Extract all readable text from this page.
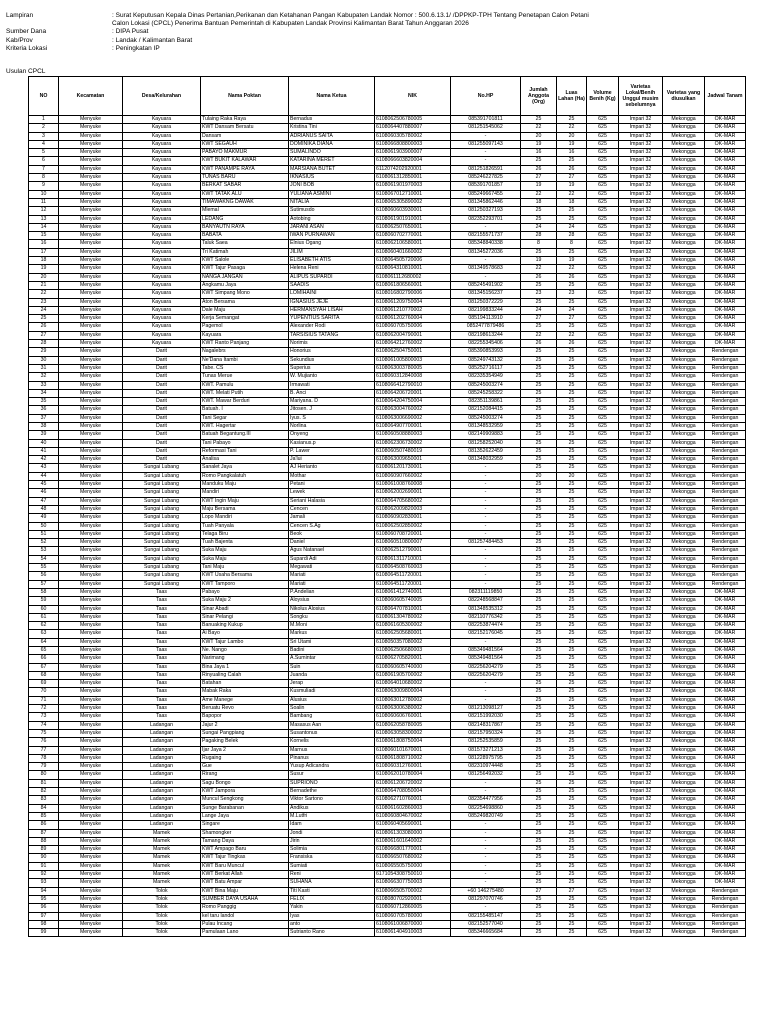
Lampiran	: Surat Keputusan Kepala Dinas Pertanian,Perikanan dan Ketahanan Pangan Kabupaten Landak Nomor : 500.6.13.1/ /DPPKP-TPH Tentang Penetapan Calon Petani
Calon Lokasi (CPCL) Penerima Bantuan Pemerintah di Kabupaten Landak Provinsi Kalimantan Barat Tahun Anggaran 2026
Sumber Dana	: DIPA Pusat
Kab/Prov	: Landak / Kalimantan Barat
Kriteria Lokasi	: Peningkatan IP
Usulan CPCL
NO	Kecamatan	Desa/Kelurahan	Nama Poktan	Nama Ketua	NIK	No.HP	Jumlah Anggota (Org)	Luas Lahan (Ha)	Volume Benih (Kg)	Varietas Lokal/Benih Unggul musim sebelumnya	Varietas yang diusulkan	Jadwal Tanam
1	Menyuke	Kayuara	Tulaing Raka Raya	Bernadus	6108062506780005	085391701811	25	25	625	Impari 32	Mekongga	OK-MAR
2	Menyuke	Kayuara	KWT Dansam Bersatu	Kristina Tini	6108064407880007	081251545062	22	22	625	Impari 32	Mekongga	OK-MAR
3	Menyuke	Kayuara	Dansam	ADRIANUS SAITA	6108060305780002	-	20	20	625	Impari 32	Mekongga	OK-MAR
4	Menyuke	Kayuara	KWT SEGAUH	DOMINIKA DIANA	6108066808800003	081255097143	19	19	625	Impari 32	Mekongga	OK-MAR
5	Menyuke	Kayuara	PABAYO MAKMUR	SUMALINDO	6108061903900007	-	16	16	625	Impari 32	Mekongga	OK-MAR
6	Menyuke	Kayuara	KWT BUKIT KALAWAR	KATARINA MERET	6108066603820004	-	25	25	625	Impari 32	Mekongga	OK-MAR
7	Menyuke	Kayuara	KWT PANAMPE RAYA	MARSIANA BUTET	6112074202920001	081251826591	26	26	625	Impari 32	Mekongga	OK-MAR
8	Menyuke	Kayuara	TUNAS BARU	IKNASIUS	6108061312850001	085246227825	27	27	625	Impari 32	Mekongga	OK-MAR
9	Menyuke	Kayuara	BERKAT SABAR	JONI BOB	6108061901970003	085391701857	19	19	625	Impari 32	Mekongga	OK-MAR
10	Menyuke	Kayuara	KWT TATAK ALU	YULIANA ASMINI	6108067012710001	085249667455	22	22	625	Impari 32	Mekongga	OK-MAR
11	Menyuke	Kayuara	TIMAWAKNG DAWAK	NITALIA	6108065305890002	081345862446	18	18	625	Impari 32	Mekongga	OK-MAR
12	Menyuke	Kayuara	Mlemal	Sutimusdo	6108060603930001	081250327193	25	25	625	Impari 32	Mekongga	OK-MAR
13	Menyuke	Kayuara	LEDANG	Aotobing	6108061901910001	082352293701	25	25	625	Impari 32	Mekongga	OK-MAR
14	Menyuke	Kayuara	BANYAUTN RAYA	JARANI ASAN	6108062507650001	-	24	24	625	Impari 32	Mekongga	OK-MAR
15	Menyuke	Kayuara	BABATA	IWAN PURNAWAN	6108060702770001	082155571737	28	28	625	Impari 32	Mekongga	OK-MAR
16	Menyuke	Kayuara	Taluk Saea	Elnius Ogang	6108062106580001	085348840338	8	8	625	Impari 32	Mekongga	OK-MAR
17	Menyuke	Kayuara	Tri Katimah	JILIM	6108060401660002	081345272036	25	25	625	Impari 32	Mekongga	OK-MAR
18	Menyuke	Kayuara	KWT Salole	ELISABETH ATIS	6108064505720006	-	19	19	625	Impari 32	Mekongga	OK-MAR
19	Menyuke	Kayuara	KWT Tajur Pasaga	Helena Reni	6108064310810001	081349578683	22	22	625	Impari 32	Mekongga	OK-MAR
20	Menyuke	Kayuara	NANGA JANGAN	ALIPUS SUPARDI	6108061112680002	-	26	26	625	Impari 32	Mekongga	OK-MAR
21	Menyuke	Kayuara	Angkamu Jaya	SAADIS	6108061806560001	085245491902	25	25	625	Impari 32	Mekongga	OK-MAR
22	Menyuke	Kayuara	KWT Simpang Mono	LOMIHAINI	6108016802790006	081345156237	23	23	625	Impari 32	Mekongga	OK-MAR
23	Menyuke	Kayuara	Aton Bersama	IGNASIUS JEJE	6108061209750004	081250372229	25	25	625	Impari 32	Mekongga	OK-MAR
24	Menyuke	Kayuara	Dale Maju	HERMANSYAH LISAH	6108061210770002	082199833244	24	24	625	Impari 32	Mekongga	OK-MAR
25	Menyuke	Kayuara	Kerja Semangat	YUPENTIUS SARITA	6108061202760004	085194113910	27	27	625	Impari 32	Mekongga	OK-MAR
26	Menyuke	Kayuara	Pagemol	Alexander Rodi	6108060705750006	0852477879486	25	25	625	Impari 32	Mekongga	OK-MAR
27	Menyuke	Kayuara	Kayuara	TARSISIUS TATANG	6108062004790001	082198613244	22	22	625	Impari 32	Mekongga	OK-MAR
28	Menyuke	Kayuara	KWT Ranto Panjang	Norimis	6108064212760002	082255345406	26	26	625	Impari 32	Mekongga	OK-MAR
29	Menyuke	Darit	Nagalebrs	Honorius	6108062504750001	085390853993	25	25	625	Impari 32	Mekongga	Rendengan
30	Menyuke	Darit	Ne'Dana Itambi	Sekundius	6108061005800003	085249743132	25	25	625	Impari 32	Mekongga	Rendengan
31	Menyuke	Darit	Tabe. CS	Superius	6108063003780005	085252716117	25	25	625	Impari 32	Mekongga	Rendengan
32	Menyuke	Darit	Tunas Merue	W. Mujianto	6108060312840008	082335354949	25	25	625	Impari 32	Mekongga	Rendengan
33	Menyuke	Darit	KWT. Pamulu	Irmawati	6108066412790010	085245003274	25	25	625	Impari 32	Mekongga	Rendengan
34	Menyuke	Darit	KWT. Melati Putih	B. Anci	6108064206720001	085245258322	25	25	625	Impari 32	Mekongga	Rendengan
35	Menyuke	Darit	KWT. Mawar Berduri	Mariyana. D	6108064204750004	082351139861	25	25	625	Impari 32	Mekongga	Rendengan
36	Menyuke	Darit	Batuah. I	Jitosen. J	6108063004760002	082152084415	25	25	625	Impari 32	Mekongga	Rendengan
37	Menyuke	Darit	Tani Segar	Iyus. S	6108063006690002	085245003274	25	25	625	Impari 32	Mekongga	Rendengan
38	Menyuke	Darit	KWT. Hagertar	Norlina	6108064907700001	081348532959	25	25	625	Impari 32	Mekongga	Rendengan
39	Menyuke	Darit	Batuah Begantung.III	Onyeng	6108060508880003	082149909883	25	25	625	Impari 32	Mekongga	Rendengan
40	Menyuke	Darit	Tani Pabayo	Kasianus.p	6108062306730002	081258252040	25	25	625	Impari 32	Mekongga	Rendengan
41	Menyuke	Darit	Reformasi Tani	P. Lawer	6108060507480019	081352622459	25	25	625	Impari 32	Mekongga	Rendengan
42	Menyuke	Darit	Analisa	Ja'lui	6108063009650001	081348032959	25	25	625	Impari 32	Mekongga	Rendengan
43	Menyuke	Sungai Lubang	Sanalet Jaya	AJ Herianto	6108061201730001	-	25	25	625	Impari 32	Mekongga	Rendengan
44	Menyuke	Sungai Lubang	Romo Pangkalatuh	Mothar	6108060907660002	-	20	20	625	Impari 32	Mekongga	Rendengan
45	Menyuke	Sungai Lubang	Manduku Maju	Petani	6108061008760008	-	25	25	625	Impari 32	Mekongga	Rendengan
46	Menyuke	Sungai Lubang	Mandiri	Lewek	6108062002690001	-	25	25	625	Impari 32	Mekongga	Rendengan
47	Menyuke	Sungai Lubang	KWT Ingin Maju	Seriani Halasia	6108064705680002	-	25	25	625	Impari 32	Mekongga	Rendengan
48	Menyuke	Sungai Lubang	Maju Bersama	Cencen	6108062009820003	-	25	25	625	Impari 32	Mekongga	Rendengan
49	Menyuke	Sungai Lubang	Lopo Mandiri	Jamali	6108060902830001	-	25	25	625	Impari 32	Mekongga	Rendengan
50	Menyuke	Sungai Lubang	Tuah Panyala	Cencen S.Ag	6108062502850002	-	25	25	625	Impari 32	Mekongga	Rendengan
51	Menyuke	Sungai Lubang	Telaga Biru	Beok	6108060708720001	-	25	25	625	Impari 32	Mekongga	Rendengan
52	Menyuke	Sungai Lubang	Tuah Bajenta	Daniel	6108060510800007	081257484453	25	25	625	Impari 32	Mekongga	Rendengan
53	Menyuke	Sungai Lubang	Suka Maju	Agus Natanael	6108062512790001	-	25	25	625	Impari 32	Mekongga	Rendengan
54	Menyuke	Sungai Lubang	Suka Maju	Supardi Adi	6108061311710001	-	25	25	625	Impari 32	Mekongga	Rendengan
55	Menyuke	Sungai Lubang	Tani Maju	Megawati	6108064508760003	-	25	25	625	Impari 32	Mekongga	Rendengan
56	Menyuke	Sungai Lubang	KWT Usaha Bersama	Mariati	6108064511720001	-	25	25	625	Impari 32	Mekongga	Rendengan
57	Menyuke	Sungai Lubang	KWT Tamporo	Mariati	6108064511720001	-	25	25	625	Impari 32	Mekongga	Rendengan
58	Menyuke	Taas	Pabayo	P.Andelian	6108061412740001	082311119850	25	25	625	Impari 32	Mekongga	OK-MAR
59	Menyuke	Taas	Suka Maju 2	Aloysius	6108060605740005	082248568847	25	25	625	Impari 32	Mekongga	OK-MAR
60	Menyuke	Taas	Sinar Abadi	Nikolus Alosius	6108064707810001	081348535312	25	25	625	Impari 32	Mekongga	OK-MAR
61	Menyuke	Taas	Sinar Pelangi	Songku	6108061304780002	082110776342	25	25	625	Impari 32	Mekongga	OK-MAR
62	Menyuke	Taas	Banuaking Kukup	M.Moni	6108061605300002	082253874474	25	25	625	Impari 32	Mekongga	OK-MAR
63	Menyuke	Taas	Ai Bayo	Markus	6108062505680001	082152176045	25	25	625	Impari 32	Mekongga	OK-MAR
64	Menyuke	Taas	KWT Tajur Lambo	Sri Utami	6108050357080002	-	25	25	625	Impari 32	Mekongga	OK-MAR
65	Menyuke	Taas	Ne. Nango	Badini	6108062506680003	085349481564	25	25	625	Impari 32	Mekongga	OK-MAR
66	Menyuke	Taas	Narimang	A.Sumintar	6108062705820001	085349481564	25	25	625	Impari 32	Mekongga	OK-MAR
67	Menyuke	Taas	Bina Jaya 1	Suin	6108060605740000	082256204279	25	25	625	Impari 32	Mekongga	OK-MAR
68	Menyuke	Taas	Rinyualing Calah	Juanda	6108061905700002	082256204279	25	25	625	Impari 32	Mekongga	OK-MAR
69	Menyuke	Taas	Batahan	Jerap	6108064010680002	-	25	25	625	Impari 32	Mekongga	OK-MAR
70	Menyuke	Taas	Mabak Raka	Kusmuliadi	6108063009800004	-	25	25	625	Impari 32	Mekongga	OK-MAR
71	Menyuke	Taas	Ame Manege	Alusius	6108063012780002	-	25	25	625	Impari 32	Mekongga	OK-MAR
72	Menyuke	Taas	Beruatu Revo	Soalin	6108063006380002	081213098127	25	25	625	Impari 32	Mekongga	OK-MAR
73	Menyuke	Taas	Bapopor	Bambang	6108060606760001	082151992030	25	25	625	Impari 32	Mekongga	OK-MAR
74	Menyuke	Ladangan	Jajur 2	Masasus Aan	6108062058780005	082148317867	25	25	625	Impari 32	Mekongga	OK-MAR
75	Menyuke	Ladangan	Sungai Pangpiang	Susantonus	6108063058300002	082157950324	25	25	625	Impari 32	Mekongga	OK-MAR
76	Menyuke	Ladangan	Pagaking Belek	Kornelis	6108061808750004	081252535859	25	25	625	Impari 32	Mekongga	OK-MAR
77	Menyuke	Ladangan	Ijar Jaya 2	Marnus	6108060101670001	081573271213	25	25	625	Impari 32	Mekongga	OK-MAR
78	Menyuke	Ladangan	Rugaing	Pinanus	6108061808710002	081228975795	25	25	625	Impari 32	Mekongga	OK-MAR
79	Menyuke	Ladangan	Gue	Yusup Adicandra	6108060312760001	082310974448	25	25	625	Impari 32	Mekongga	OK-MAR
80	Menyuke	Ladangan	Rirang	Susur	6108062010780004	081256492032	25	25	625	Impari 32	Mekongga	OK-MAR
81	Menyuke	Ladangan	Sagu Bongo	SUPRIONO	6108061206720002	-	25	25	625	Impari 32	Mekongga	OK-MAR
82	Menyuke	Ladangan	KWT Jampora	Bernadethe	6108064708050004	-	25	25	625	Impari 32	Mekongga	OK-MAR
83	Menyuke	Ladangan	Muncul Sengkong	Viktor Sartono	6108062710760001	082354477956	25	25	625	Impari 32	Mekongga	OK-MAR
84	Menyuke	Ladangan	Sunge Barabanan	Andikus	6108061602860003	082254698860	25	25	625	Impari 32	Mekongga	OK-MAR
85	Menyuke	Ladangan	Lange Jaya	M.Lutfri	6108060804670002	085249820749	25	25	625	Impari 32	Mekongga	OK-MAR
86	Menyuke	Ladangan	Singare	Idam	6108060405690001	-	25	25	625	Impari 32	Mekongga	OK-MAR
87	Menyuke	Mamek	Shamongker	Jondi	6108061303080000	-	25	25	625	Impari 32	Mekongga	OK-MAR
88	Menyuke	Mamek	Tamang Daya	Jirin	6108061601640002	-	25	25	625	Impari 32	Mekongga	OK-MAR
89	Menyuke	Mamek	KWT Ampago Baru	Solimia	6108066801770001	-	25	25	625	Impari 32	Mekongga	OK-MAR
90	Menyuke	Mamek	KWT Tajur Tingkas	Fransiska	6108066507680002	-	25	25	625	Impari 32	Mekongga	OK-MAR
91	Menyuke	Mamek	KWT Baru Muncul	Sumiati	6108065505750000	-	25	25	625	Impari 32	Mekongga	OK-MAR
92	Menyuke	Mamek	KWT Berkat Allah	Reni	6171054308750010	-	25	25	625	Impari 32	Mekongga	OK-MAR
93	Menyuke	Mamek	KWT Batu Ampar	SUHANA	6108066307750003	-	25	25	625	Impari 32	Mekongga	OK-MAR
94	Menyuke	Tolok	KWT Bina Maju	Titi Kasti	6108066505700002	+60 146275480	27	27	625	Impari 32	Mekongga	Rendengan
95	Menyuke	Tolok	SUMBER DAYA USAHA	FELIX	6108080702920001	081297070746	25	25	625	Impari 32	Mekongga	Rendengan
96	Menyuke	Tolok	Romo Panggig	Yakin	6108060712860005	-	25	25	625	Impari 32	Mekongga	Rendengan
97	Menyuke	Tolok	kel taru landol	Iyas	6108060705780000	082155485147	25	25	625	Impari 32	Mekongga	Rendengan
98	Menyuke	Tolok	Pulau Incang	anto	6108061006870000	082152577040	25	25	625	Impari 32	Mekongga	Rendengan
99	Menyuke	Tolok	Pamulaan Lano	Sutrianto Rano	6108061404910003	085346665684	25	25	625	Impari 32	Mekongga	Rendengan
